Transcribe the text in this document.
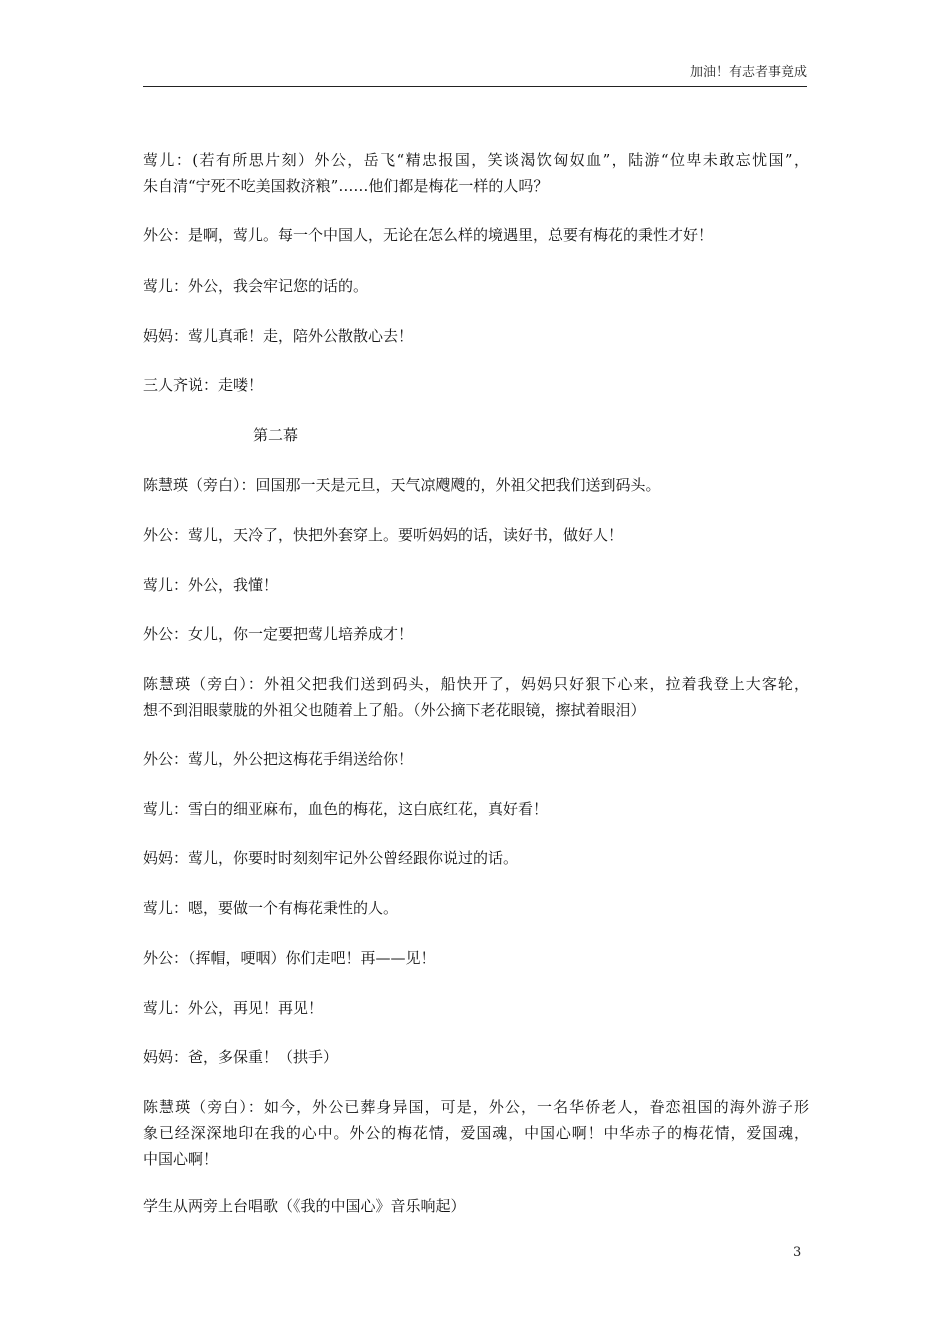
加油！有志者事竟成
莺儿：(若有所思片刻）外公，岳飞“精忠报国，笑谈渴饮匈奴血”，陆游“位卑未敢忘忧国”，
朱自清“宁死不吃美国救济粮”……他们都是梅花一样的人吗？

外公：是啊，莺儿。每一个中国人，无论在怎么样的境遇里，总要有梅花的秉性才好！

莺儿：外公，我会牢记您的话的。

妈妈：莺儿真乖！走，陪外公散散心去！

三人齐说：走喽！

第二幕

陈慧瑛（旁白）：回国那一天是元旦，天气凉飕飕的，外祖父把我们送到码头。

外公：莺儿，天冷了，快把外套穿上。要听妈妈的话，读好书，做好人！

莺儿：外公，我懂！

外公：女儿，你一定要把莺儿培养成才！

陈慧瑛（旁白）：外祖父把我们送到码头，船快开了，妈妈只好狠下心来，拉着我登上大客轮，
想不到泪眼蒙胧的外祖父也随着上了船。（外公摘下老花眼镜，擦拭着眼泪）

外公：莺儿，外公把这梅花手绢送给你！

莺儿：雪白的细亚麻布，血色的梅花，这白底红花，真好看！

妈妈：莺儿，你要时时刻刻牢记外公曾经跟你说过的话。

莺儿：嗯，要做一个有梅花秉性的人。

外公：（挥帽，哽咽）你们走吧！再——见！

莺儿：外公，再见！再见！

妈妈：爸，多保重！（拱手）

陈慧瑛（旁白）：如今，外公已葬身异国，可是，外公，一名华侨老人，眷恋祖国的海外游子形
象已经深深地印在我的心中。外公的梅花情，爱国魂，中国心啊！中华赤子的梅花情，爱国魂，
中国心啊！

学生从两旁上台唱歌（《我的中国心》音乐响起）

3
